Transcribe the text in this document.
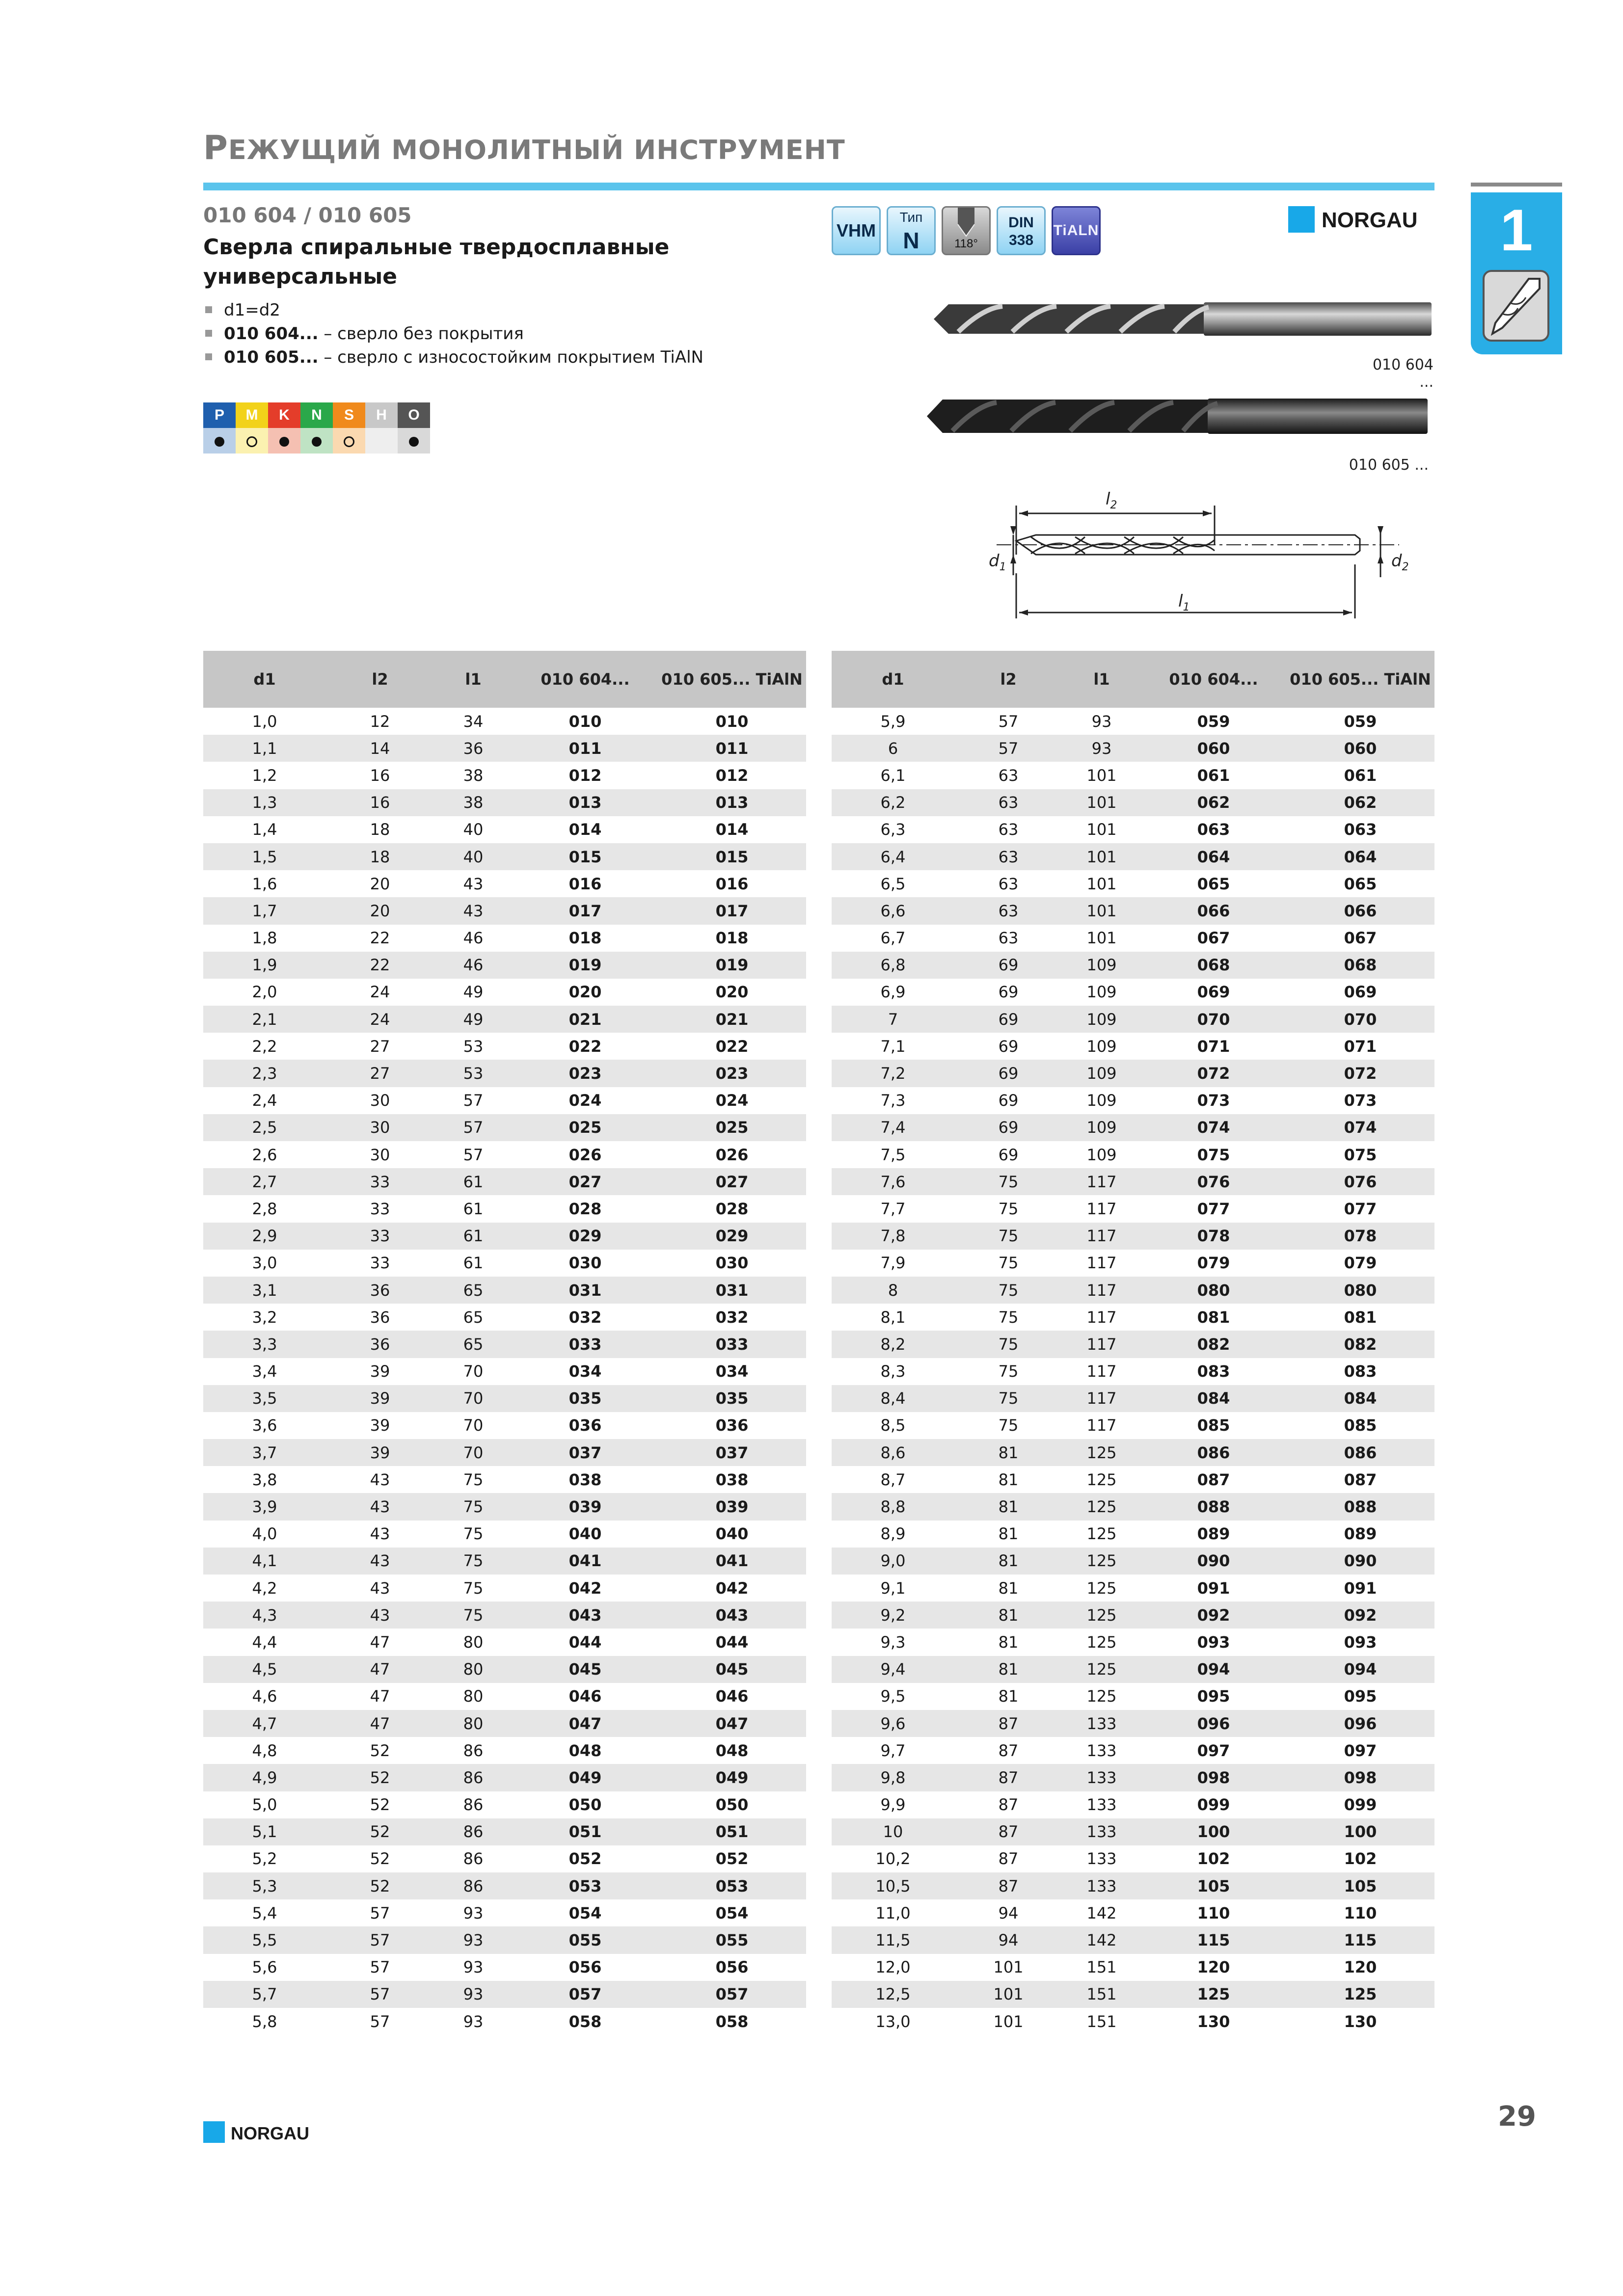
РЕЖУЩИЙ МОНОЛИТНЫЙ ИНСТРУМЕНТ
010 604 / 010 605
Сверла спиральные твердосплавные универсальные
d1=d2
010 604... – сверло без покрытия
010 605... – сверло с износостойким покрытием TiAlN
P	M	K	N	S	H	O

VHM
Тип
N	118°
DIN
338
TiALN	NORGAU	1
010 604 ...
010 605 ...
$l_2$
$l_1$
$d_1$	$d_2$
d1	l2	l1	010 604...	010 605... TiAlN
1,0	12	34	010	010
1,1	14	36	011	011
1,2	16	38	012	012
1,3	16	38	013	013
1,4	18	40	014	014
1,5	18	40	015	015
1,6	20	43	016	016
1,7	20	43	017	017
1,8	22	46	018	018
1,9	22	46	019	019
2,0	24	49	020	020
2,1	24	49	021	021
2,2	27	53	022	022
2,3	27	53	023	023
2,4	30	57	024	024
2,5	30	57	025	025
2,6	30	57	026	026
2,7	33	61	027	027
2,8	33	61	028	028
2,9	33	61	029	029
3,0	33	61	030	030
3,1	36	65	031	031
3,2	36	65	032	032
3,3	36	65	033	033
3,4	39	70	034	034
3,5	39	70	035	035
3,6	39	70	036	036
3,7	39	70	037	037
3,8	43	75	038	038
3,9	43	75	039	039
4,0	43	75	040	040
4,1	43	75	041	041
4,2	43	75	042	042
4,3	43	75	043	043
4,4	47	80	044	044
4,5	47	80	045	045
4,6	47	80	046	046
4,7	47	80	047	047
4,8	52	86	048	048
4,9	52	86	049	049
5,0	52	86	050	050
5,1	52	86	051	051
5,2	52	86	052	052
5,3	52	86	053	053
5,4	57	93	054	054
5,5	57	93	055	055
5,6	57	93	056	056
5,7	57	93	057	057
5,8	57	93	058	058
d1	l2	l1	010 604...	010 605... TiAlN
5,9	57	93	059	059
6	57	93	060	060
6,1	63	101	061	061
6,2	63	101	062	062
6,3	63	101	063	063
6,4	63	101	064	064
6,5	63	101	065	065
6,6	63	101	066	066
6,7	63	101	067	067
6,8	69	109	068	068
6,9	69	109	069	069
7	69	109	070	070
7,1	69	109	071	071
7,2	69	109	072	072
7,3	69	109	073	073
7,4	69	109	074	074
7,5	69	109	075	075
7,6	75	117	076	076
7,7	75	117	077	077
7,8	75	117	078	078
7,9	75	117	079	079
8	75	117	080	080
8,1	75	117	081	081
8,2	75	117	082	082
8,3	75	117	083	083
8,4	75	117	084	084
8,5	75	117	085	085
8,6	81	125	086	086
8,7	81	125	087	087
8,8	81	125	088	088
8,9	81	125	089	089
9,0	81	125	090	090
9,1	81	125	091	091
9,2	81	125	092	092
9,3	81	125	093	093
9,4	81	125	094	094
9,5	81	125	095	095
9,6	87	133	096	096
9,7	87	133	097	097
9,8	87	133	098	098
9,9	87	133	099	099
10	87	133	100	100
10,2	87	133	102	102
10,5	87	133	105	105
11,0	94	142	110	110
11,5	94	142	115	115
12,0	101	151	120	120
12,5	101	151	125	125
13,0	101	151	130	130
NORGAU
29
